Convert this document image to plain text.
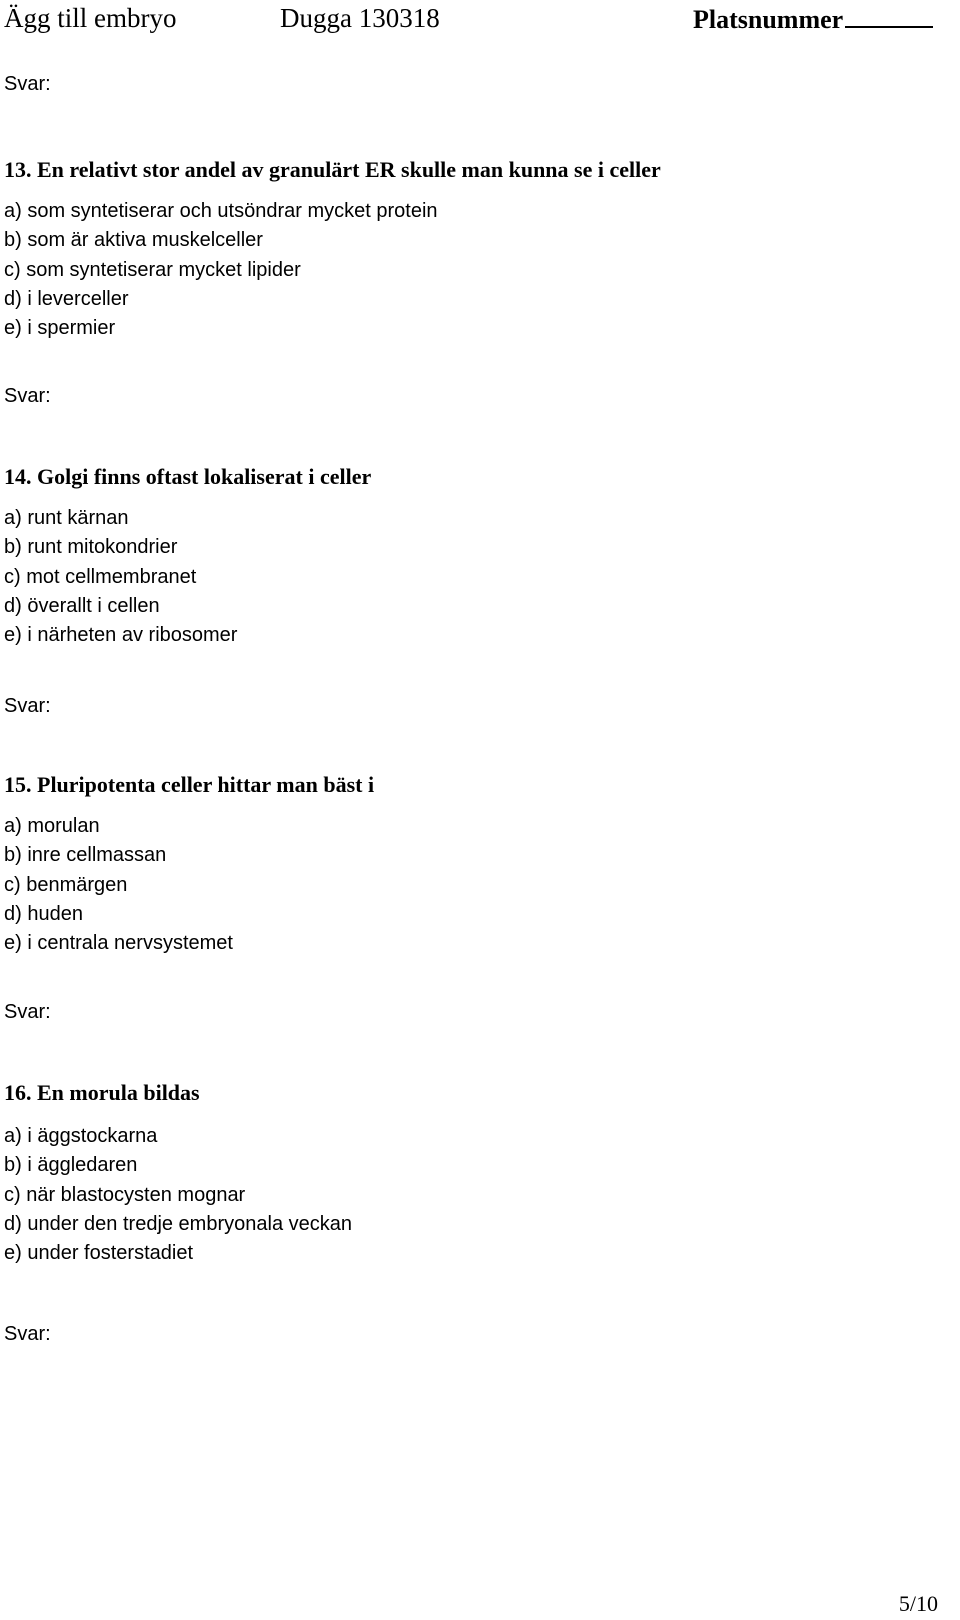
Ägg till embryo	Dugga 130318	Platsnummer
Svar:
13. En relativt stor andel av granulärt ER skulle man kunna se i celler
a) som syntetiserar och utsöndrar mycket protein
b) som är aktiva muskelceller
c) som syntetiserar mycket lipider
d) i leverceller
e) i spermier
Svar:
14. Golgi finns oftast lokaliserat i celler
a) runt kärnan
b) runt mitokondrier
c) mot cellmembranet
d) överallt i cellen
e) i närheten av ribosomer
Svar:
15. Pluripotenta celler hittar man bäst i
a) morulan
b) inre cellmassan
c) benmärgen
d) huden
e) i centrala nervsystemet
Svar:
16. En morula bildas
a) i äggstockarna
b) i äggledaren
c) när blastocysten mognar
d) under den tredje embryonala veckan
e) under fosterstadiet
Svar:
5/10
